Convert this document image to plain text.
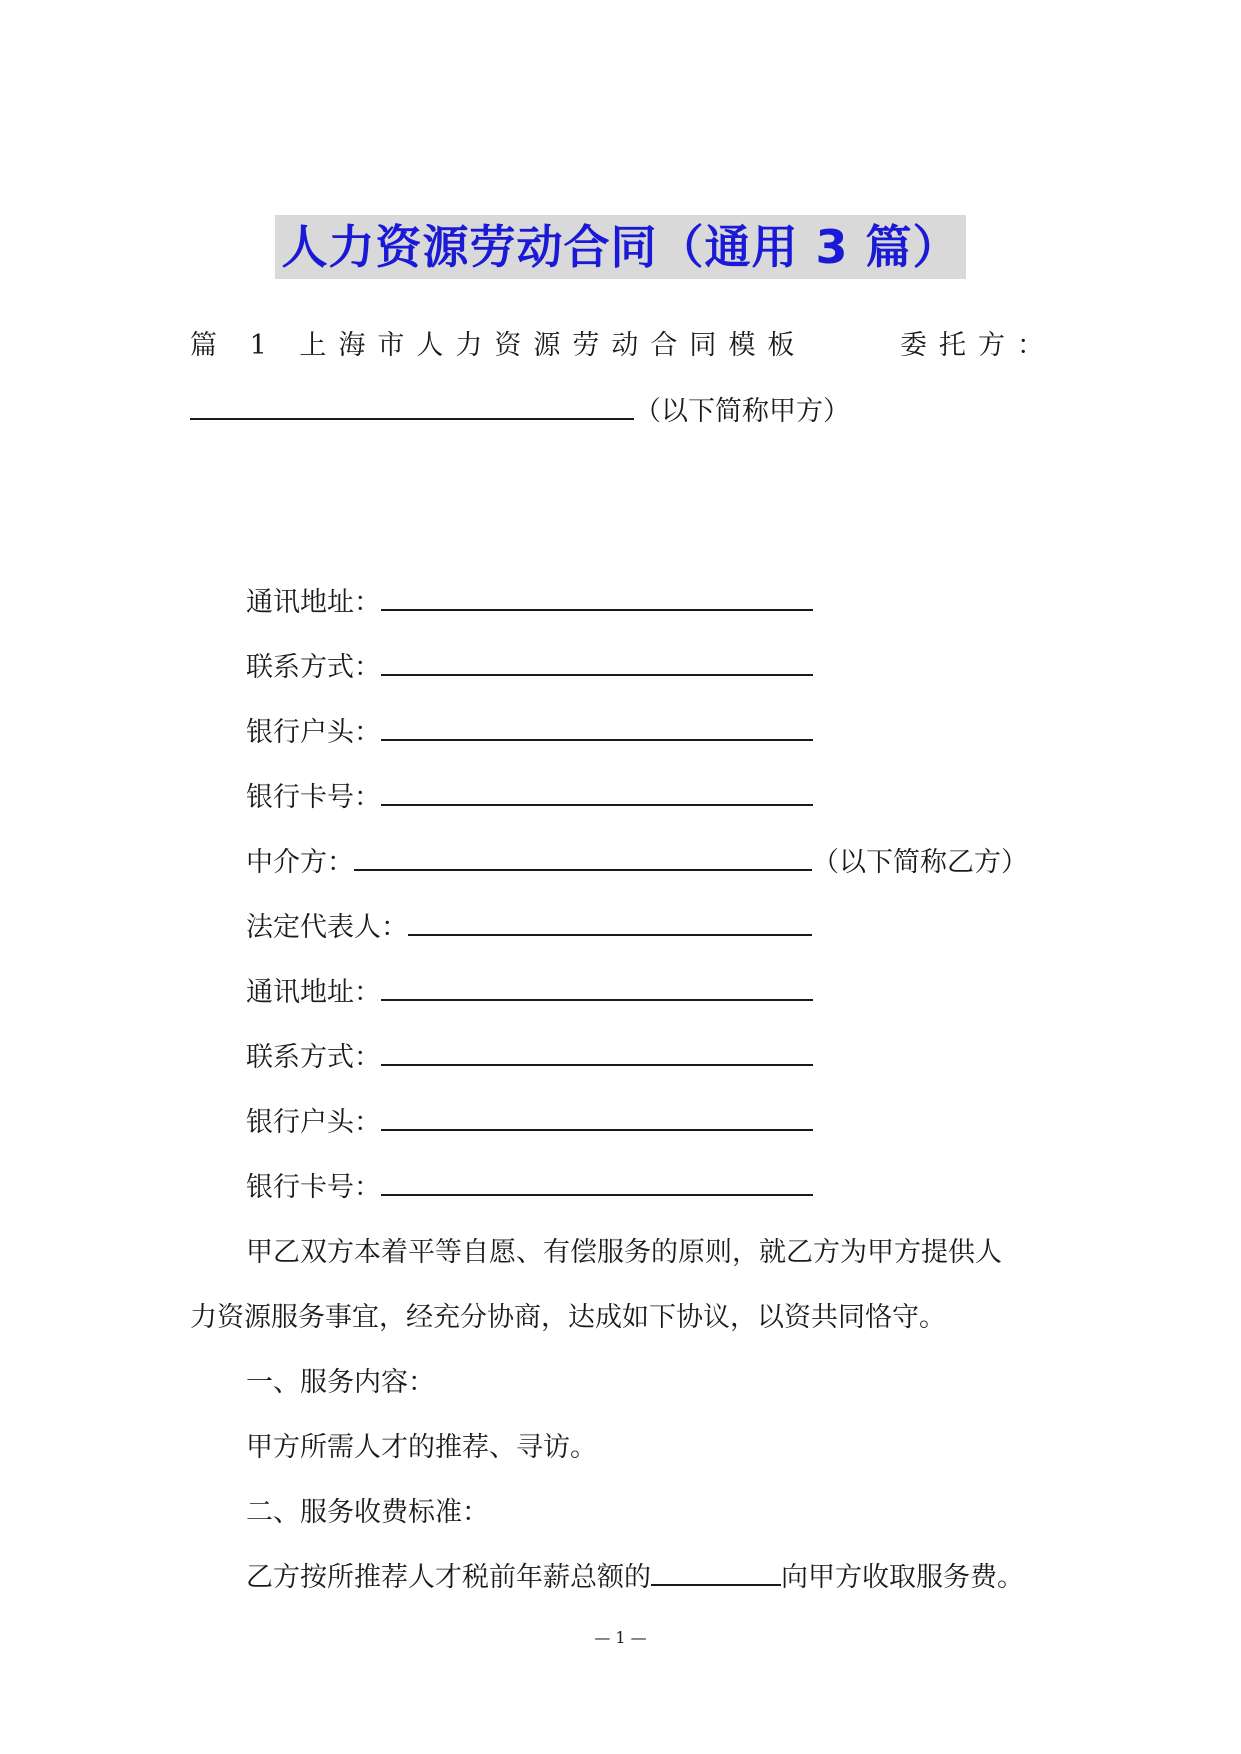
人力资源劳动合同（通用 3 篇）
篇 1 上海市人力资源劳动合同模板	委托方：
（以下简称甲方）
通讯地址：
联系方式：
银行户头：
银行卡号：
中介方：	（以下简称乙方）
法定代表人：
通讯地址：
联系方式：
银行户头：
银行卡号：
甲乙双方本着平等自愿、有偿服务的原则，就乙方为甲方提供人
力资源服务事宜，经充分协商，达成如下协议，以资共同恪守。
一、服务内容：
甲方所需人才的推荐、寻访。
二、服务收费标准：
乙方按所推荐人才税前年薪总额的	向甲方收取服务费。
— 1 —
